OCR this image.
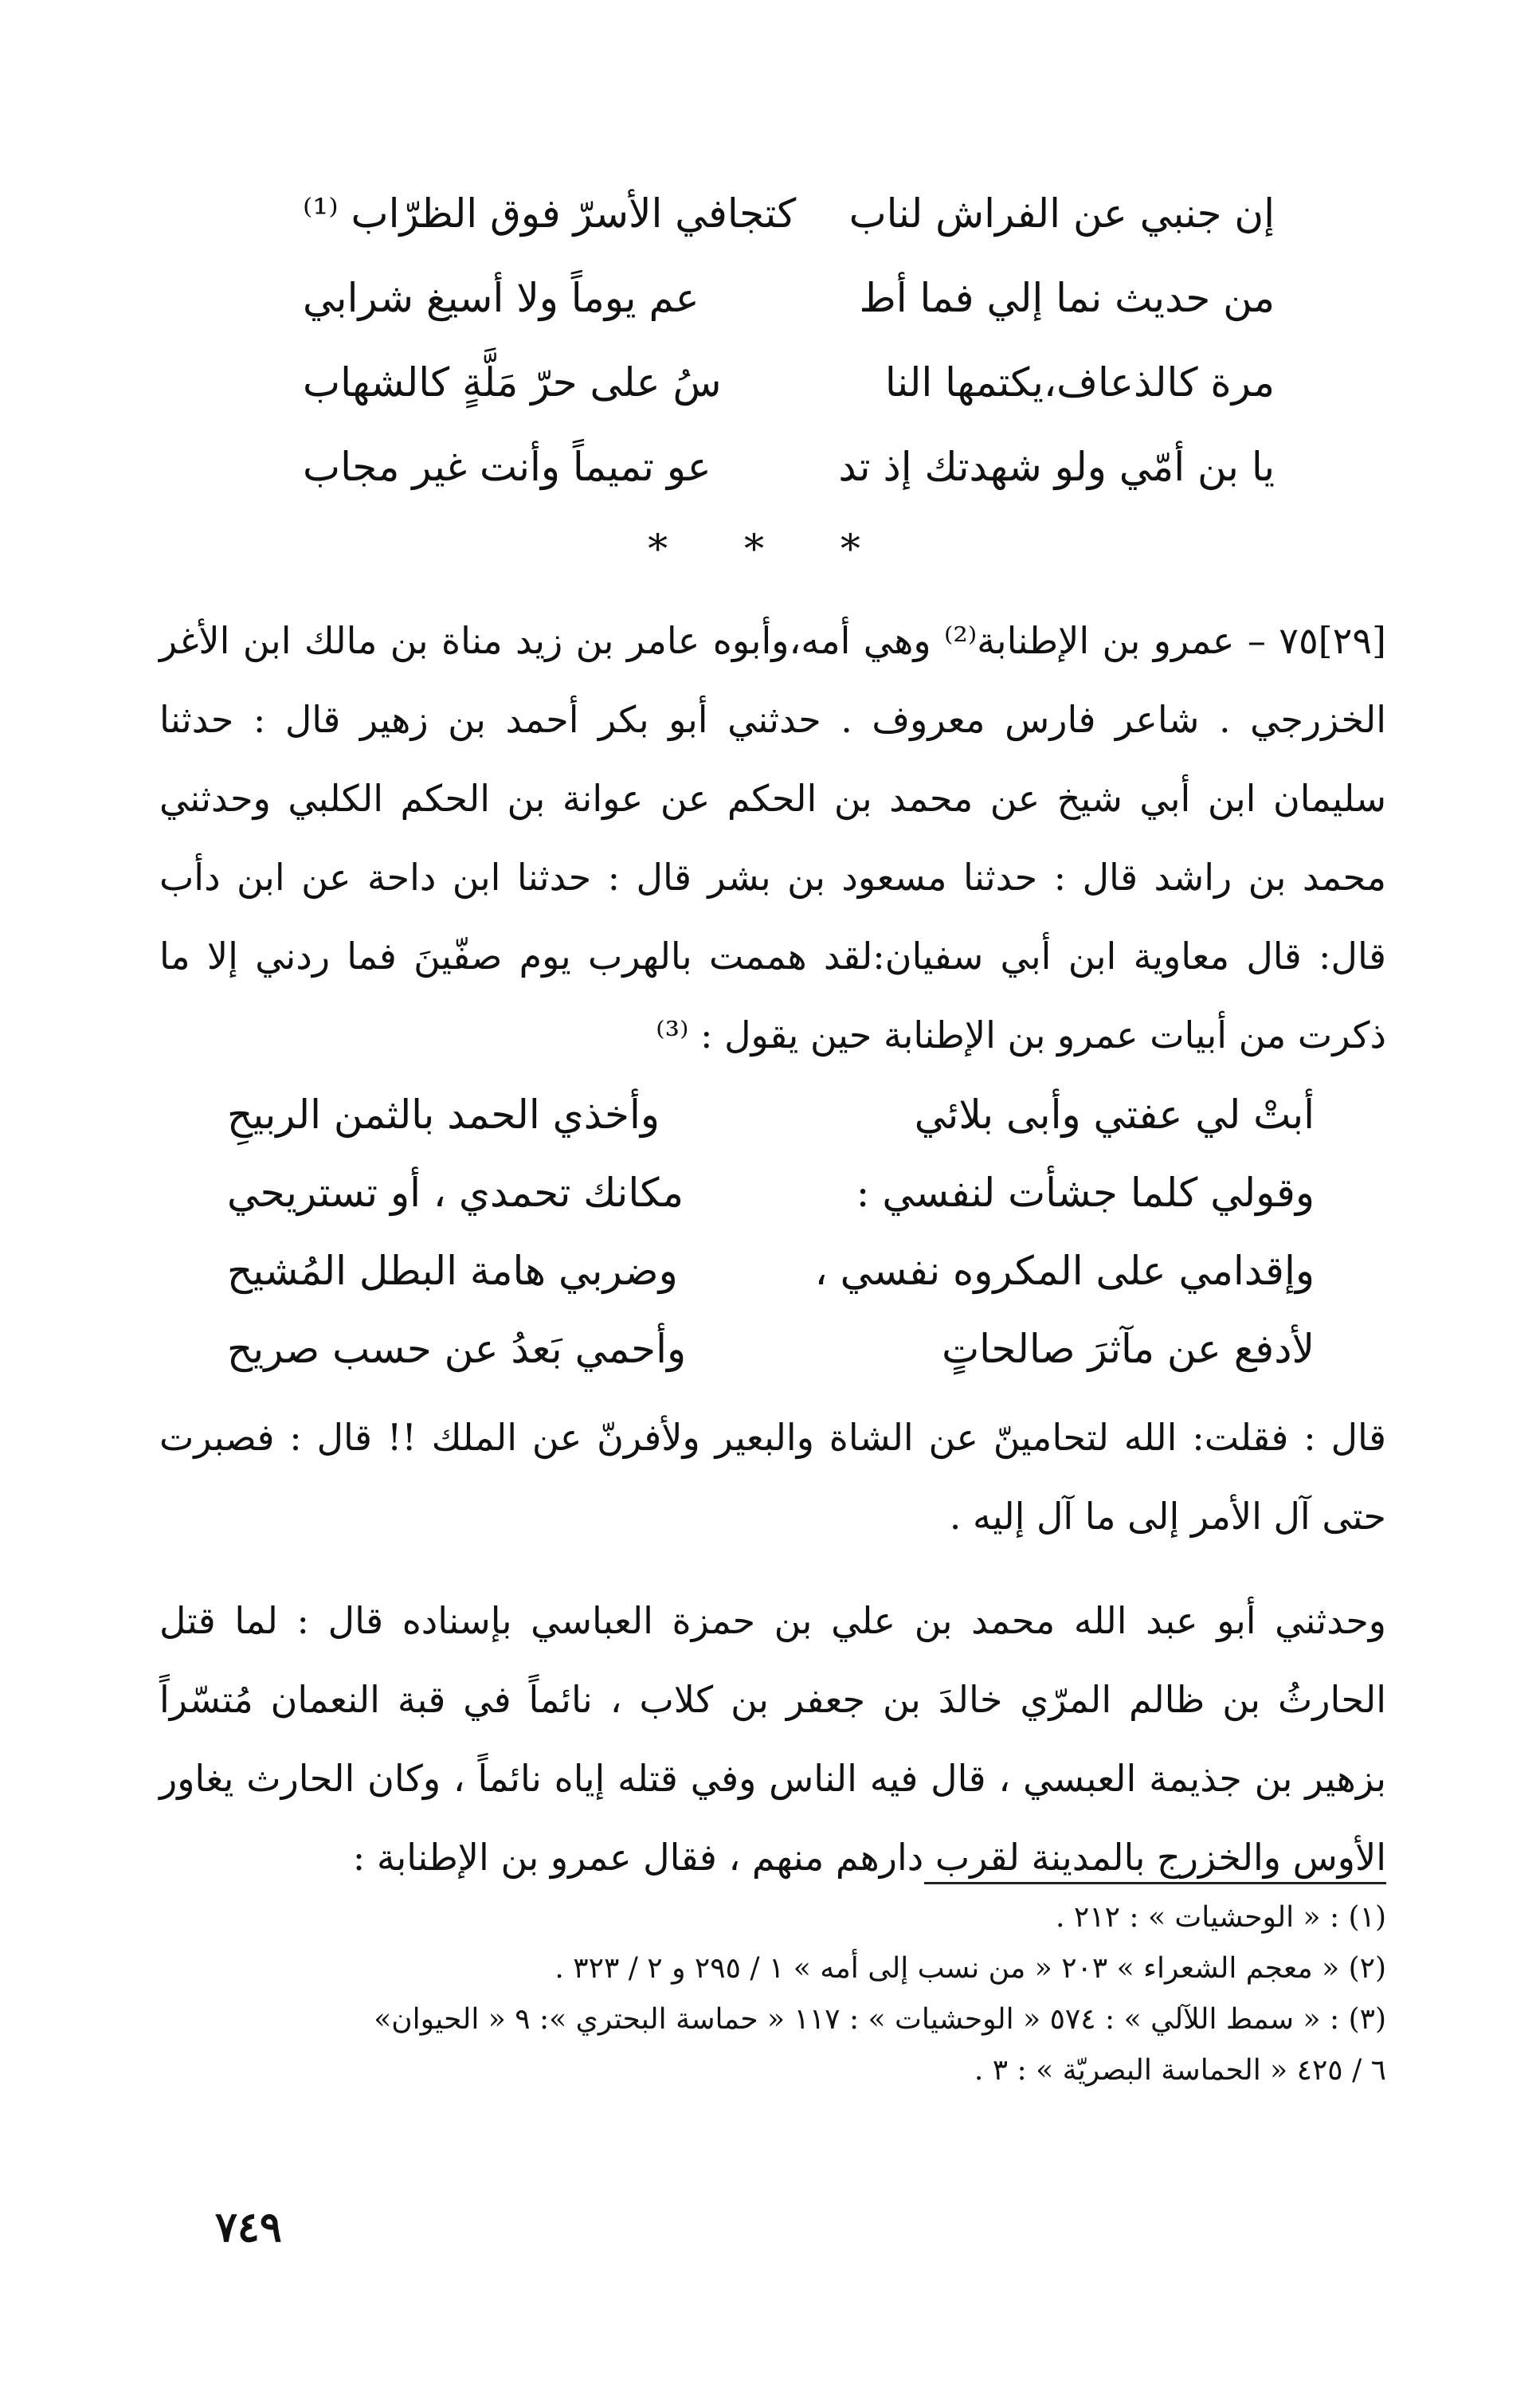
إن جنبي عن الفراش لناب
كتجافي الأسرّ فوق الظرّاب ⁽¹⁾
من حديث نما إلي فما أط
عم يوماً ولا أسيغ شرابي
مرة كالذعاف،يكتمها النا
سُ على حرّ مَلَّةٍ كالشهاب
يا بن أمّي ولو شهدتك إذ تد
عو تميماً وأنت غير مجاب
* * *
[٢٩]٧٥ – عمرو بن الإطنابة⁽²⁾ وهي أمه،وأبوه عامر بن زيد مناة بن مالك ابن الأغر الخزرجي . شاعر فارس معروف . حدثني أبو بكر أحمد بن زهير قال : حدثنا سليمان ابن أبي شيخ عن محمد بن الحكم عن عوانة بن الحكم الكلبي وحدثني محمد بن راشد قال : حدثنا مسعود بن بشر قال : حدثنا ابن داحة عن ابن دأب قال: قال معاوية ابن أبي سفيان:لقد هممت بالهرب يوم صفّينَ فما ردني إلا ما ذكرت من أبيات عمرو بن الإطنابة حين يقول : ⁽³⁾
أبتْ لي عفتي وأبى بلائي
وأخذي الحمد بالثمن الربيحِ
وقولي كلما جشأت لنفسي :
مكانك تحمدي ، أو تستريحي
وإقدامي على المكروه نفسي ،
وضربي هامة البطل المُشيح
لأدفع عن مآثرَ صالحاتٍ
وأحمي بَعدُ عن حسب صريح
قال : فقلت: الله لتحامينّ عن الشاة والبعير ولأفرنّ عن الملك !! قال : فصبرت حتى آل الأمر إلى ما آل إليه .
وحدثني أبو عبد الله محمد بن علي بن حمزة العباسي بإسناده قال : لما قتل الحارثُ بن ظالم المرّي خالدَ بن جعفر بن كلاب ، نائماً في قبة النعمان مُتسّراً بزهير بن جذيمة العبسي ، قال فيه الناس وفي قتله إياه نائماً ، وكان الحارث يغاور الأوس والخزرج بالمدينة لقرب دارهم منهم ، فقال عمرو بن الإطنابة :
(١) : « الوحشيات » : ٢١٢ .
(٢) « معجم الشعراء » ٢٠٣ « من نسب إلى أمه » ١ / ٢٩٥ و ٢ / ٣٢٣ .
(٣) : « سمط اللآلي » : ٥٧٤ « الوحشيات » : ١١٧ « حماسة البحتري »: ٩ « الحيوان»
٦ / ٤٢٥ « الحماسة البصريّة » : ٣ .
٧٤٩
